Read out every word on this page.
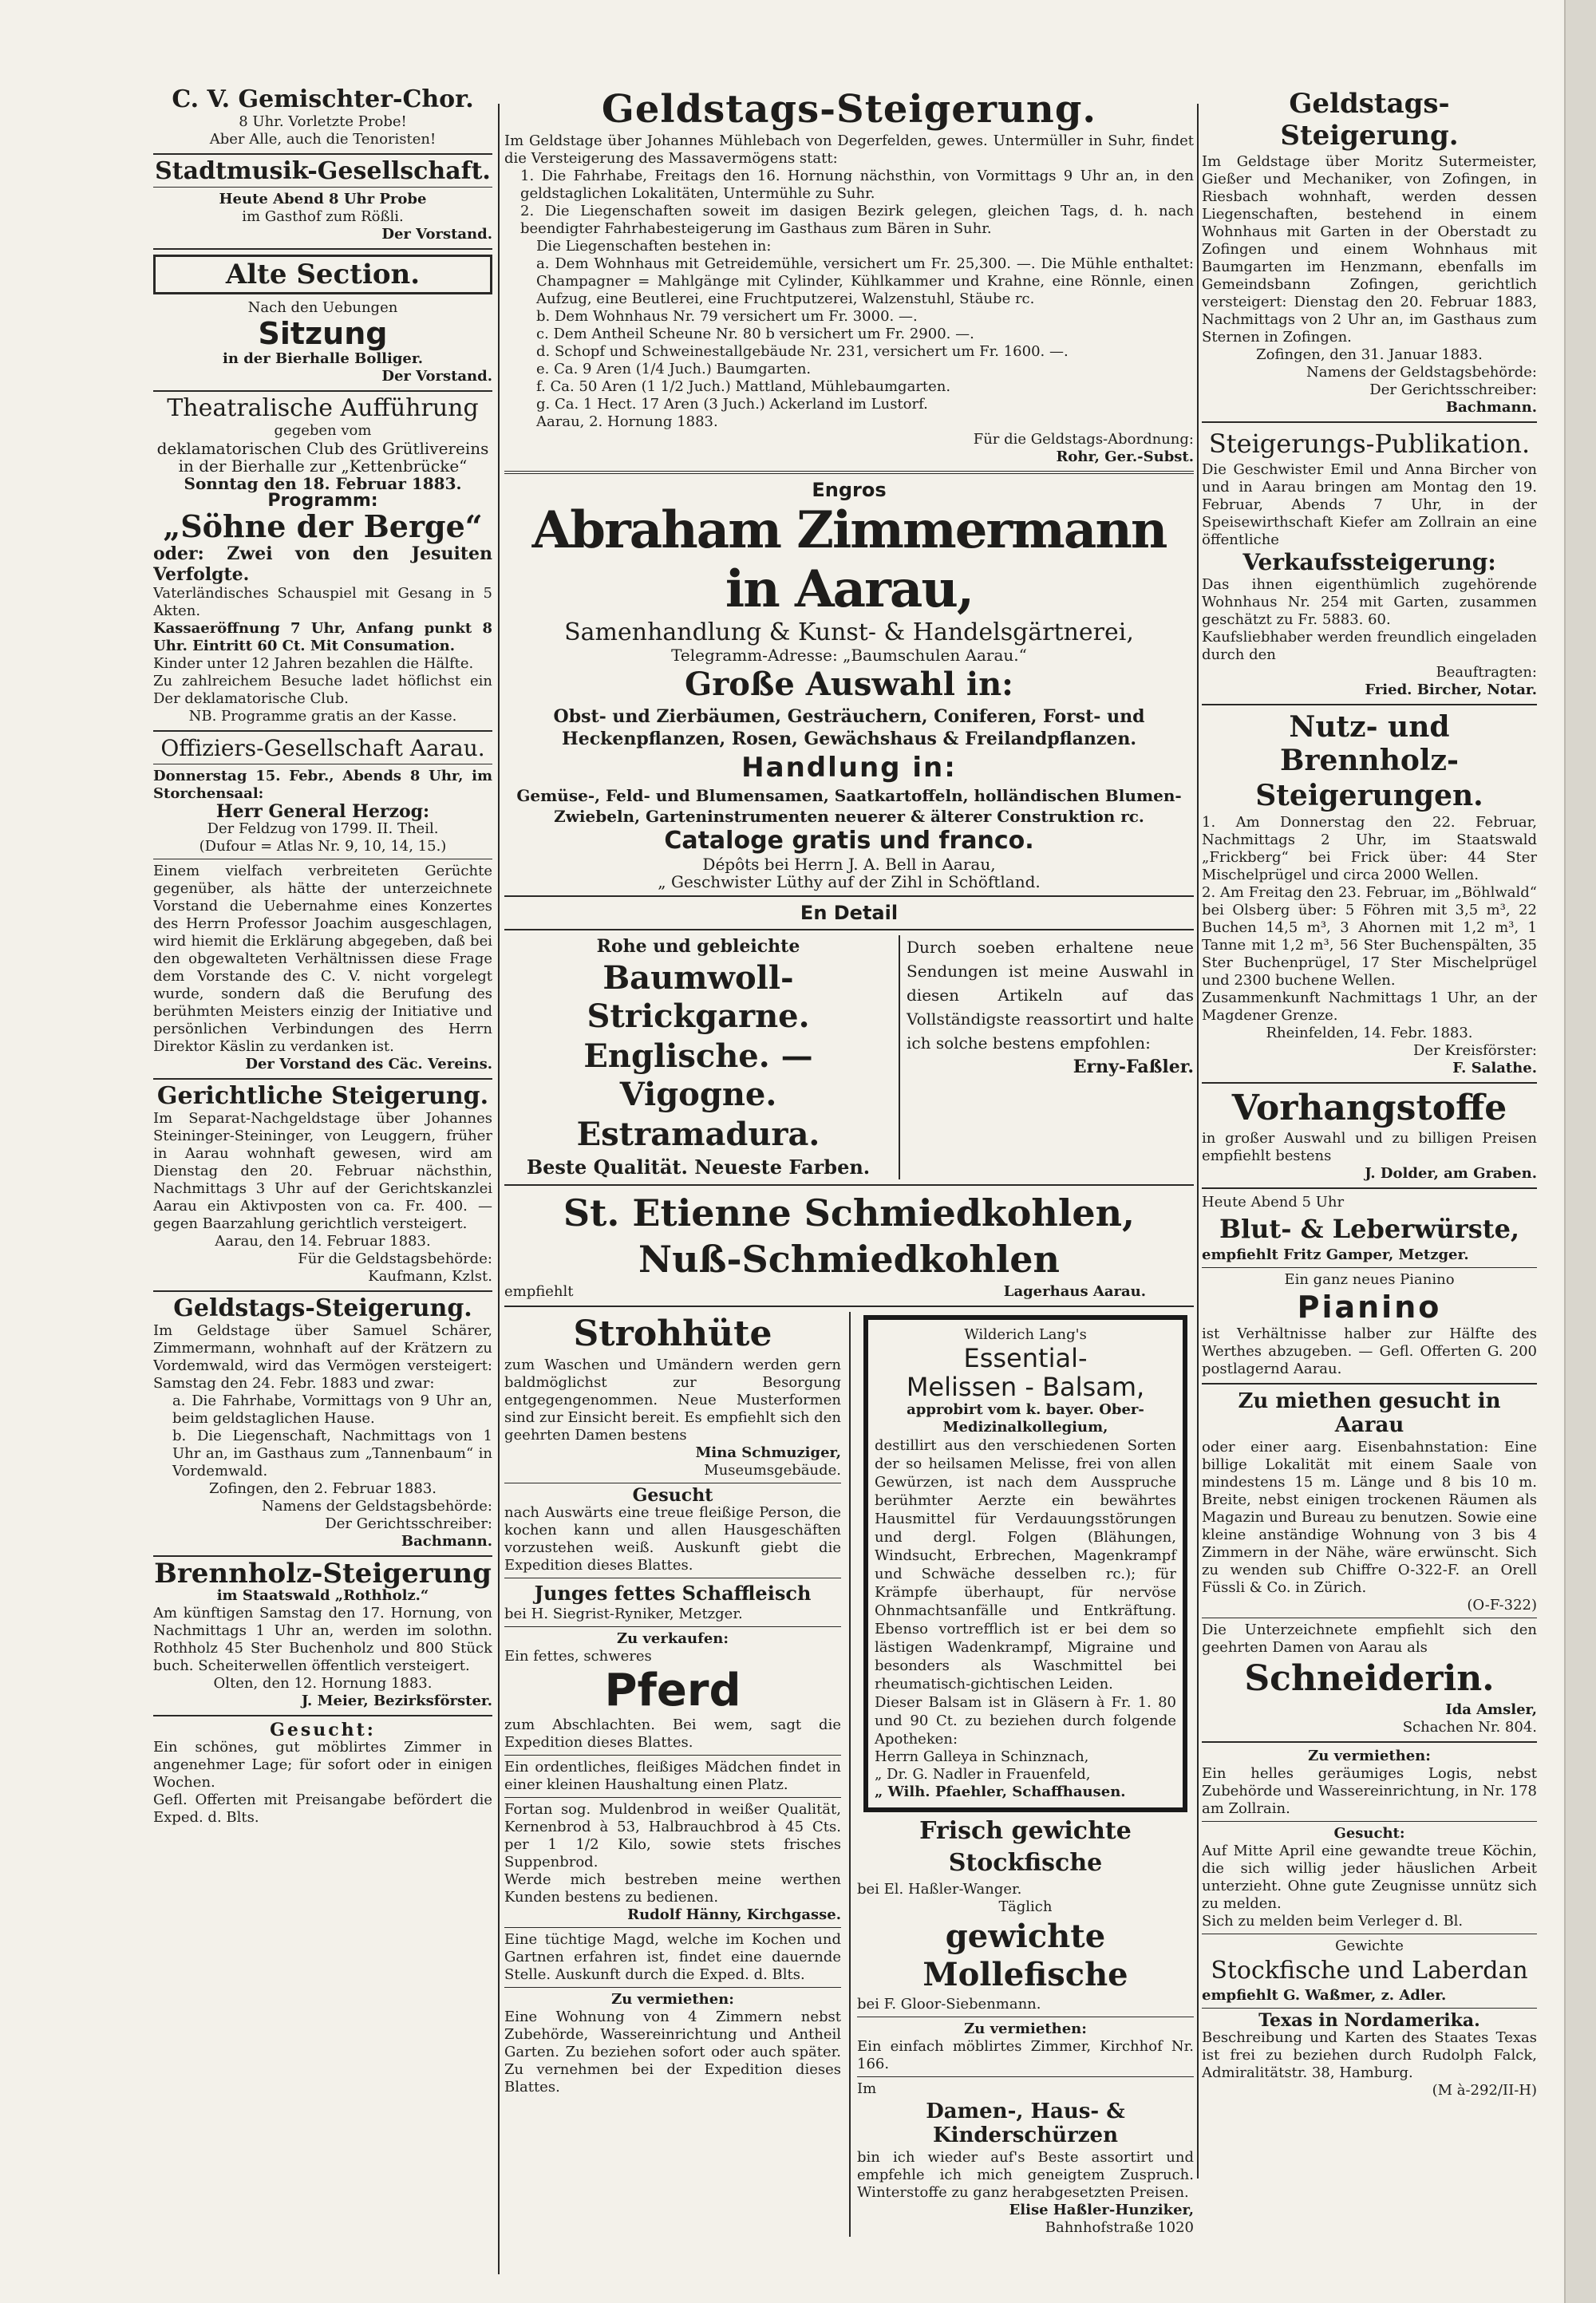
C. V. Gemischter-Chor.

8 Uhr. Vorletzte Probe!

Aber Alle, auch die Tenoristen!

Stadtmusik-Gesellschaft.

Heute Abend 8 Uhr Probe

im Gasthof zum Rößli.

Der Vorstand.

Alte Section.

Nach den Uebungen

Sitzung

in der Bierhalle Bolliger.

Der Vorstand.

Theatralische Aufführung

gegeben vom

deklamatorischen Club des Grütlivereins

in der Bierhalle zur „Kettenbrücke“

Sonntag den 18. Februar 1883.

Programm:

„Söhne der Berge“

oder: Zwei von den Jesuiten Verfolgte.

Vaterländisches Schauspiel mit Gesang in 5 Akten.

Kassaeröffnung 7 Uhr, Anfang punkt 8 Uhr. Eintritt 60 Ct. Mit Consumation.

Kinder unter 12 Jahren bezahlen die Hälfte.

Zu zahlreichem Besuche ladet höflichst ein Der deklamatorische Club.

NB. Programme gratis an der Kasse.

Offiziers-Gesellschaft Aarau.

Donnerstag 15. Febr., Abends 8 Uhr, im Storchensaal:

Herr General Herzog:

Der Feldzug von 1799. II. Theil.

(Dufour = Atlas Nr. 9, 10, 14, 15.)

Einem vielfach verbreiteten Gerüchte gegenüber, als hätte der unterzeichnete Vorstand die Uebernahme eines Konzertes des Herrn Professor Joachim ausgeschlagen, wird hiemit die Erklärung abgegeben, daß bei den obgewalteten Verhältnissen diese Frage dem Vorstande des C. V. nicht vorgelegt wurde, sondern daß die Berufung des berühmten Meisters einzig der Initiative und persönlichen Verbindungen des Herrn Direktor Käslin zu verdanken ist.

Der Vorstand des Cäc. Vereins.

Gerichtliche Steigerung.

Im Separat-Nachgeldstage über Johannes Steininger-Steininger, von Leuggern, früher in Aarau wohnhaft gewesen, wird am Dienstag den 20. Februar nächsthin, Nachmittags 3 Uhr auf der Gerichtskanzlei Aarau ein Aktivposten von ca. Fr. 400. — gegen Baarzahlung gerichtlich versteigert.

Aarau, den 14. Februar 1883.

Für die Geldstagsbehörde:

Kaufmann, Kzlst.

Geldstags-Steigerung.

Im Geldstage über Samuel Schärer, Zimmermann, wohnhaft auf der Krätzern zu Vordemwald, wird das Vermögen versteigert: Samstag den 24. Febr. 1883 und zwar:

a. Die Fahrhabe, Vormittags von 9 Uhr an, beim geldstaglichen Hause.

b. Die Liegenschaft, Nachmittags von 1 Uhr an, im Gasthaus zum „Tannenbaum“ in Vordemwald.

Zofingen, den 2. Februar 1883.

Namens der Geldstagsbehörde:

Der Gerichtsschreiber:

Bachmann.

Brennholz-Steigerung

im Staatswald „Rothholz.“

Am künftigen Samstag den 17. Hornung, von Nachmittags 1 Uhr an, werden im solothn. Rothholz 45 Ster Buchenholz und 800 Stück buch. Scheiterwellen öffentlich versteigert.

Olten, den 12. Hornung 1883.

J. Meier, Bezirksförster.

Gesucht:

Ein schönes, gut möblirtes Zimmer in angenehmer Lage; für sofort oder in einigen Wochen.

Gefl. Offerten mit Preisangabe befördert die Exped. d. Blts.

Geldstags-Steigerung.

Im Geldstage über Johannes Mühlebach von Degerfelden, gewes. Untermüller in Suhr, findet die Versteigerung des Massavermögens statt:

1. Die Fahrhabe, Freitags den 16. Hornung nächsthin, von Vormittags 9 Uhr an, in den geldstaglichen Lokalitäten, Untermühle zu Suhr.

2. Die Liegenschaften soweit im dasigen Bezirk gelegen, gleichen Tags, d. h. nach beendigter Fahrhabesteigerung im Gasthaus zum Bären in Suhr.

Die Liegenschaften bestehen in:

a. Dem Wohnhaus mit Getreidemühle, versichert um Fr. 25,300. —. Die Mühle enthaltet: Champagner = Mahlgänge mit Cylinder, Kühlkammer und Krahne, eine Rönnle, einen Aufzug, eine Beutlerei, eine Fruchtputzerei, Walzenstuhl, Stäube rc.

b. Dem Wohnhaus Nr. 79 versichert um Fr. 3000. —.

c. Dem Antheil Scheune Nr. 80 b versichert um Fr. 2900. —.

d. Schopf und Schweinestallgebäude Nr. 231, versichert um Fr. 1600. —.

e. Ca. 9 Aren (1/4 Juch.) Baumgarten.

f. Ca. 50 Aren (1 1/2 Juch.) Mattland, Mühlebaumgarten.

g. Ca. 1 Hect. 17 Aren (3 Juch.) Ackerland im Lustorf.

Aarau, 2. Hornung 1883.

Für die Geldstags-Abordnung:

Rohr, Ger.-Subst.

Engros

Abraham Zimmermann in Aarau,
Samenhandlung & Kunst- & Handelsgärtnerei,

Telegramm-Adresse: „Baumschulen Aarau.“

Große Auswahl in:

Obst- und Zierbäumen, Gesträuchern, Coniferen, Forst- und Heckenpflanzen, Rosen, Gewächshaus & Freilandpflanzen.

Handlung in:

Gemüse-, Feld- und Blumensamen, Saatkartoffeln, holländischen Blumen-Zwiebeln, Garteninstrumenten neuerer & älterer Construktion rc.

Cataloge gratis und franco.

Dépôts bei Herrn J. A. Bell in Aarau,

„ Geschwister Lüthy auf der Zihl in Schöftland.

En Detail

Rohe und gebleichte

Baumwoll-Strickgarne.
Englische. — Vigogne.
Estramadura.

Beste Qualität. Neueste Farben.

Durch soeben erhaltene neue Sendungen ist meine Auswahl in diesen Artikeln auf das Vollständigste reassortirt und halte ich solche bestens empfohlen:

Erny-Faßler.

St. Etienne Schmiedkohlen,
Nuß-Schmiedkohlen
empfiehlt	Lagerhaus Aarau.
Strohhüte

zum Waschen und Umändern werden gern baldmöglichst zur Besorgung entgegengenommen. Neue Musterformen sind zur Einsicht bereit. Es empfiehlt sich den geehrten Damen bestens

Mina Schmuziger,

Museumsgebäude.

Gesucht

nach Auswärts eine treue fleißige Person, die kochen kann und allen Hausgeschäften vorzustehen weiß. Auskunft giebt die Expedition dieses Blattes.

Junges fettes Schaffleisch

bei H. Siegrist-Ryniker, Metzger.

Zu verkaufen:

Ein fettes, schweres

Pferd

zum Abschlachten. Bei wem, sagt die Expedition dieses Blattes.

Ein ordentliches, fleißiges Mädchen findet in einer kleinen Haushaltung einen Platz.

Fortan sog. Muldenbrod in weißer Qualität, Kernenbrod à 53, Halbrauchbrod à 45 Cts. per 1 1/2 Kilo, sowie stets frisches Suppenbrod.

Werde mich bestreben meine werthen Kunden bestens zu bedienen.

Rudolf Hänny, Kirchgasse.

Eine tüchtige Magd, welche im Kochen und Gartnen erfahren ist, findet eine dauernde Stelle. Auskunft durch die Exped. d. Blts.

Zu vermiethen:

Eine Wohnung von 4 Zimmern nebst Zubehörde, Wassereinrichtung und Antheil Garten. Zu beziehen sofort oder auch später. Zu vernehmen bei der Expedition dieses Blattes.

Wilderich Lang's

Essential-
Melissen - Balsam,

approbirt vom k. bayer. Ober-Medizinalkollegium,

destillirt aus den verschiedenen Sorten der so heilsamen Melisse, frei von allen Gewürzen, ist nach dem Ausspruche berühmter Aerzte ein bewährtes Hausmittel für Verdauungsstörungen und dergl. Folgen (Blähungen, Windsucht, Erbrechen, Magenkrampf und Schwäche desselben rc.); für Krämpfe überhaupt, für nervöse Ohnmachtsanfälle und Entkräftung. Ebenso vortrefflich ist er bei dem so lästigen Wadenkrampf, Migraine und besonders als Waschmittel bei rheumatisch-gichtischen Leiden.

Dieser Balsam ist in Gläsern à Fr. 1. 80 und 90 Ct. zu beziehen durch folgende Apotheken:

Herrn Galleya in Schinznach,

„ Dr. G. Nadler in Frauenfeld,

„ Wilh. Pfaehler, Schaffhausen.

Frisch gewichte Stockfische

bei El. Haßler-Wanger.

Täglich

gewichte Mollefische

bei F. Gloor-Siebenmann.

Zu vermiethen:

Ein einfach möblirtes Zimmer, Kirchhof Nr. 166.

Im

Damen-, Haus- & Kinderschürzen

bin ich wieder auf's Beste assortirt und empfehle ich mich geneigtem Zuspruch. Winterstoffe zu ganz herabgesetzten Preisen.

Elise Haßler-Hunziker,

Bahnhofstraße 1020

Geldstags-Steigerung.

Im Geldstage über Moritz Sutermeister, Gießer und Mechaniker, von Zofingen, in Riesbach wohnhaft, werden dessen Liegenschaften, bestehend in einem Wohnhaus mit Garten in der Oberstadt zu Zofingen und einem Wohnhaus mit Baumgarten im Henzmann, ebenfalls im Gemeindsbann Zofingen, gerichtlich versteigert: Dienstag den 20. Februar 1883, Nachmittags von 2 Uhr an, im Gasthaus zum Sternen in Zofingen.

Zofingen, den 31. Januar 1883.

Namens der Geldstagsbehörde:

Der Gerichtsschreiber:

Bachmann.

Steigerungs-Publikation.

Die Geschwister Emil und Anna Bircher von und in Aarau bringen am Montag den 19. Februar, Abends 7 Uhr, in der Speisewirthschaft Kiefer am Zollrain an eine öffentliche

Verkaufssteigerung:

Das ihnen eigenthümlich zugehörende Wohnhaus Nr. 254 mit Garten, zusammen geschätzt zu Fr. 5883. 60.

Kaufsliebhaber werden freundlich eingeladen durch den

Beauftragten:

Fried. Bircher, Notar.

Nutz- und Brennholz-
Steigerungen.

1. Am Donnerstag den 22. Februar, Nachmittags 2 Uhr, im Staatswald „Frickberg“ bei Frick über: 44 Ster Mischelprügel und circa 2000 Wellen.

2. Am Freitag den 23. Februar, im „Böhlwald“ bei Olsberg über: 5 Föhren mit 3,5 m³, 22 Buchen 14,5 m³, 3 Ahornen mit 1,2 m³, 1 Tanne mit 1,2 m³, 56 Ster Buchenspälten, 35 Ster Buchenprügel, 17 Ster Mischelprügel und 2300 buchene Wellen.

Zusammenkunft Nachmittags 1 Uhr, an der Magdener Grenze.

Rheinfelden, 14. Febr. 1883.

Der Kreisförster:

F. Salathe.

Vorhangstoffe

in großer Auswahl und zu billigen Preisen empfiehlt bestens

J. Dolder, am Graben.

Heute Abend 5 Uhr

Blut- & Leberwürste,

empfiehlt Fritz Gamper, Metzger.

Ein ganz neues Pianino

Pianino

ist Verhältnisse halber zur Hälfte des Werthes abzugeben. — Gefl. Offerten G. 200 postlagernd Aarau.

Zu miethen gesucht in Aarau

oder einer aarg. Eisenbahnstation: Eine billige Lokalität mit einem Saale von mindestens 15 m. Länge und 8 bis 10 m. Breite, nebst einigen trockenen Räumen als Magazin und Bureau zu benutzen. Sowie eine kleine anständige Wohnung von 3 bis 4 Zimmern in der Nähe, wäre erwünscht. Sich zu wenden sub Chiffre O-322-F. an Orell Füssli & Co. in Zürich.

(O-F-322)

Die Unterzeichnete empfiehlt sich den geehrten Damen von Aarau als

Schneiderin.

Ida Amsler,

Schachen Nr. 804.

Zu vermiethen:

Ein helles geräumiges Logis, nebst Zubehörde und Wassereinrichtung, in Nr. 178 am Zollrain.

Gesucht:

Auf Mitte April eine gewandte treue Köchin, die sich willig jeder häuslichen Arbeit unterzieht. Ohne gute Zeugnisse unnütz sich zu melden.

Sich zu melden beim Verleger d. Bl.

Gewichte

Stockfische und Laberdan

empfiehlt G. Waßmer, z. Adler.

Texas in Nordamerika.

Beschreibung und Karten des Staates Texas ist frei zu beziehen durch Rudolph Falck, Admiralitätstr. 38, Hamburg.

(M à-292/II-H)
